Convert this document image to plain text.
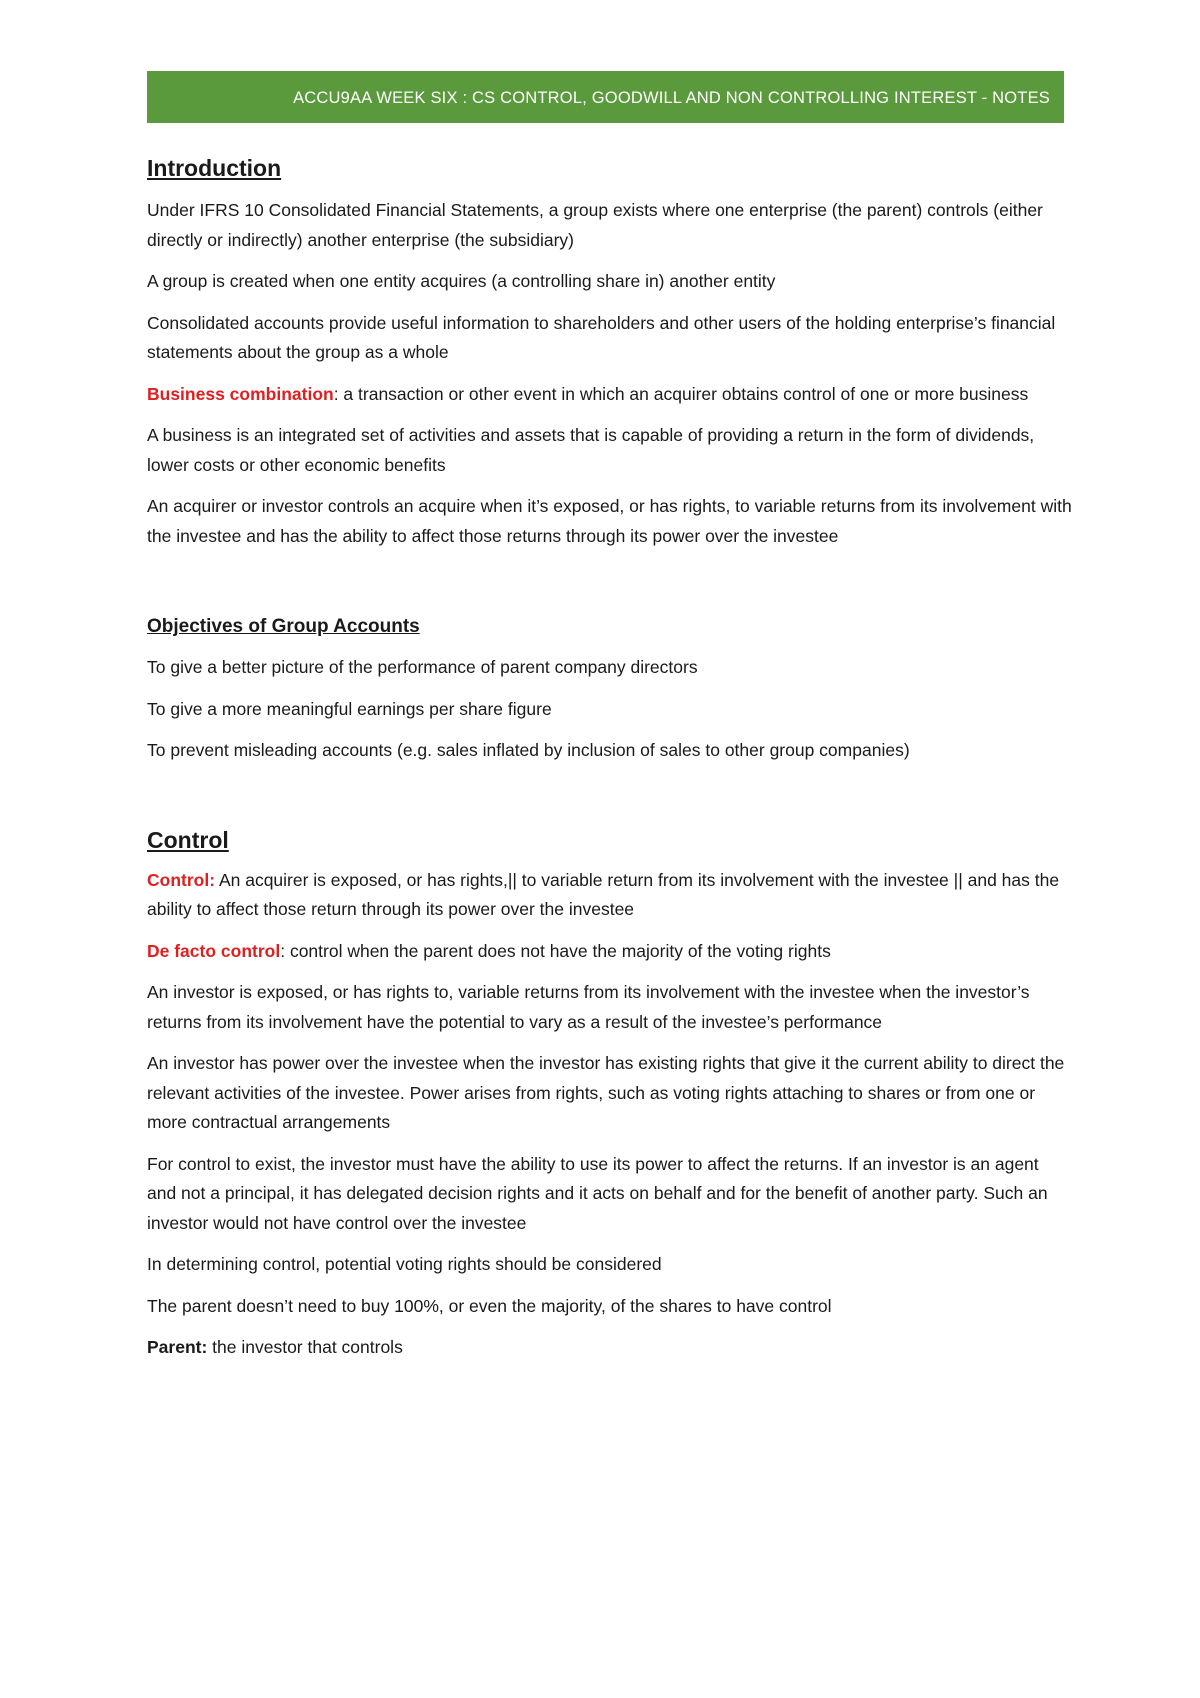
ACCU9AA WEEK SIX : CS CONTROL, GOODWILL AND NON CONTROLLING INTEREST - NOTES
Introduction

Under IFRS 10 Consolidated Financial Statements, a group exists where one enterprise (the parent) controls (either directly or indirectly) another enterprise (the subsidiary)

A group is created when one entity acquires (a controlling share in) another entity

Consolidated accounts provide useful information to shareholders and other users of the holding enterprise’s financial statements about the group as a whole

Business combination: a transaction or other event in which an acquirer obtains control of one or more business

A business is an integrated set of activities and assets that is capable of providing a return in the form of dividends, lower costs or other economic benefits

An acquirer or investor controls an acquire when it’s exposed, or has rights, to variable returns from its involvement with the investee and has the ability to affect those returns through its power over the investee

Objectives of Group Accounts

To give a better picture of the performance of parent company directors

To give a more meaningful earnings per share figure

To prevent misleading accounts (e.g. sales inflated by inclusion of sales to other group companies)

Control

Control: An acquirer is exposed, or has rights,|| to variable return from its involvement with the investee || and has the ability to affect those return through its power over the investee

De facto control: control when the parent does not have the majority of the voting rights

An investor is exposed, or has rights to, variable returns from its involvement with the investee when the investor’s returns from its involvement have the potential to vary as a result of the investee’s performance

An investor has power over the investee when the investor has existing rights that give it the current ability to direct the relevant activities of the investee. Power arises from rights, such as voting rights attaching to shares or from one or more contractual arrangements

For control to exist, the investor must have the ability to use its power to affect the returns. If an investor is an agent and not a principal, it has delegated decision rights and it acts on behalf and for the benefit of another party. Such an investor would not have control over the investee

In determining control, potential voting rights should be considered

The parent doesn’t need to buy 100%, or even the majority, of the shares to have control

Parent: the investor that controls
